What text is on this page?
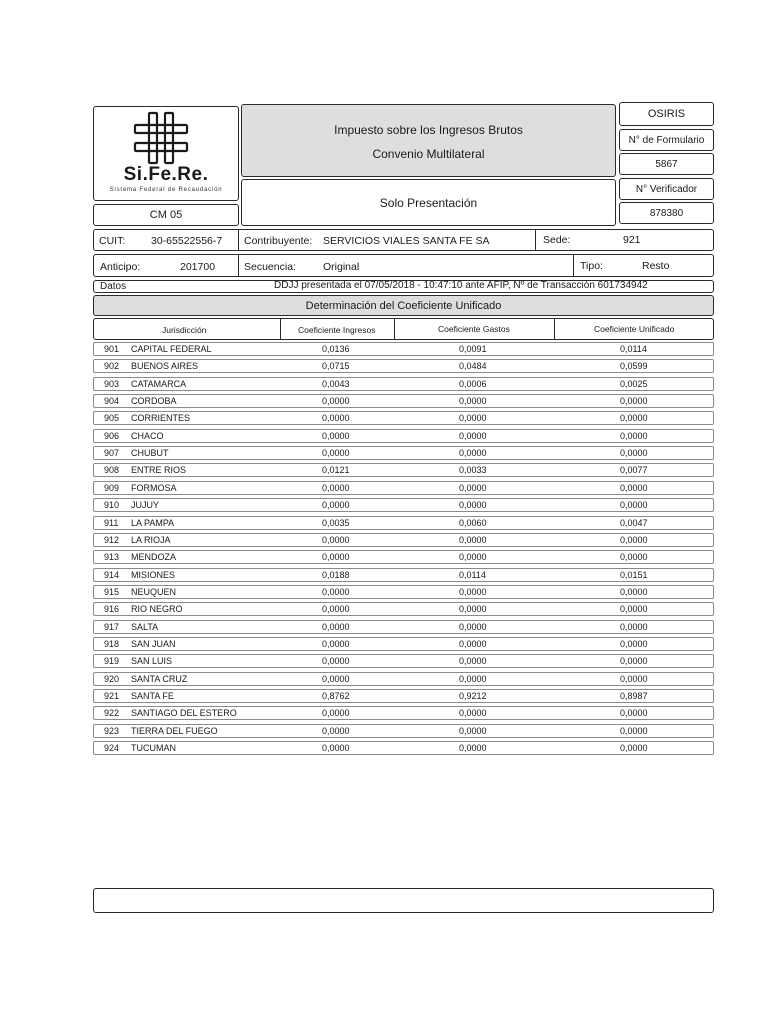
Si.Fe.Re.
Sistema Federal de Recaudación
CM 05
Impuesto sobre los Ingresos Brutos
Convenio Multilateral
Solo Presentación
OSIRIS
N° de Formulario
5867
N° Verificador
878380
CUIT: 30-65522556-7 Contribuyente: SERVICIOS VIALES SANTA FE SA	Sede:	921
Anticipo:	201700	Secuencia:	Original	Tipo:	Resto
Datos	DDJJ presentada el 07/05/2018 - 10:47:10 ante AFIP, Nº de Transacción 601734942
Determinación del Coeficiente Unificado
Jurisdicción	Coeficiente Ingresos	Coeficiente Gastos	Coeficiente Unificado
901 CAPITAL FEDERAL	0,0136	0,0091	0,0114
902 BUENOS AIRES	0,0715	0,0484	0,0599
903 CATAMARCA	0,0043	0,0006	0,0025
904 CORDOBA	0,0000	0,0000	0,0000
905 CORRIENTES	0,0000	0,0000	0,0000
906 CHACO	0,0000	0,0000	0,0000
907 CHUBUT	0,0000	0,0000	0,0000
908 ENTRE RIOS	0,0121	0,0033	0,0077
909 FORMOSA	0,0000	0,0000	0,0000
910 JUJUY	0,0000	0,0000	0,0000
911 LA PAMPA	0,0035	0,0060	0,0047
912 LA RIOJA	0,0000	0,0000	0,0000
913 MENDOZA	0,0000	0,0000	0,0000
914 MISIONES	0,0188	0,0114	0,0151
915 NEUQUEN	0,0000	0,0000	0,0000
916 RIO NEGRO	0,0000	0,0000	0,0000
917 SALTA	0,0000	0,0000	0,0000
918 SAN JUAN	0,0000	0,0000	0,0000
919 SAN LUIS	0,0000	0,0000	0,0000
920 SANTA CRUZ	0,0000	0,0000	0,0000
921 SANTA FE	0,8762	0,9212	0,8987
922 SANTIAGO DEL ESTERO	0,0000	0,0000	0,0000
923 TIERRA DEL FUEGO	0,0000	0,0000	0,0000
924 TUCUMAN	0,0000	0,0000	0,0000
